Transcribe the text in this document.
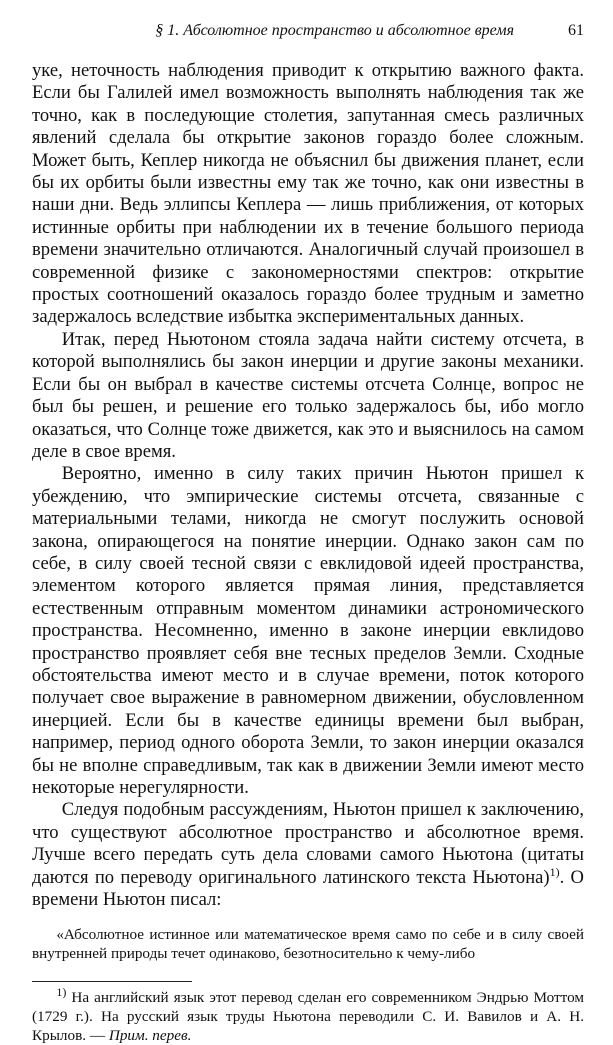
§ 1. Абсолютное пространство и абсолютное время	61

уке, неточность наблюдения приводит к открытию важного факта. Если бы Галилей имел возможность выполнять наблюдения так же точно, как в последующие столетия, запутанная смесь различных явлений сделала бы открытие законов гораздо более сложным. Может быть, Кеплер никогда не объяснил бы движения планет, если бы их орбиты были известны ему так же точно, как они известны в наши дни. Ведь эллипсы Кеплера — лишь приближения, от которых истинные орбиты при наблюдении их в течение большого периода времени значительно отличаются. Аналогичный случай произошел в современной физике с закономерностями спектров: открытие простых соотношений оказалось гораздо более трудным и заметно задержалось вследствие избытка экспериментальных данных.

Итак, перед Ньютоном стояла задача найти систему отсчета, в которой выполнялись бы закон инерции и другие законы механики. Если бы он выбрал в качестве системы отсчета Солнце, вопрос не был бы решен, и решение его только задержалось бы, ибо могло оказаться, что Солнце тоже движется, как это и выяснилось на самом деле в свое время.

Вероятно, именно в силу таких причин Ньютон пришел к убеждению, что эмпирические системы отсчета, связанные с материальными телами, никогда не смогут послужить основой закона, опирающегося на понятие инерции. Однако закон сам по себе, в силу своей тесной связи с евклидовой идеей пространства, элементом которого является прямая линия, представляется естественным отправным моментом динамики астрономического пространства. Несомненно, именно в законе инерции евклидово пространство проявляет себя вне тесных пределов Земли. Сходные обстоятельства имеют место и в случае времени, поток которого получает свое выражение в равномерном движении, обусловленном инерцией. Если бы в качестве единицы времени был выбран, например, период одного оборота Земли, то закон инерции оказался бы не вполне справедливым, так как в движении Земли имеют место некоторые нерегулярности.

Следуя подобным рассуждениям, Ньютон пришел к заключению, что существуют абсолютное пространство и абсолютное время. Лучше всего передать суть дела словами самого Ньютона (цитаты даются по переводу оригинального латинского текста Ньютона)$^{1)}$. О времени Ньютон писал:

«Абсолютное истинное или математическое время само по себе и в силу своей внутренней природы течет одинаково, безотносительно к чему-либо
$^{1)}$ На английский язык этот перевод сделан его современником Эндрью Моттом (1729 г.). На русский язык труды Ньютона переводили С. И. Вавилов и А. Н. Крылов. — Прим. перев.
